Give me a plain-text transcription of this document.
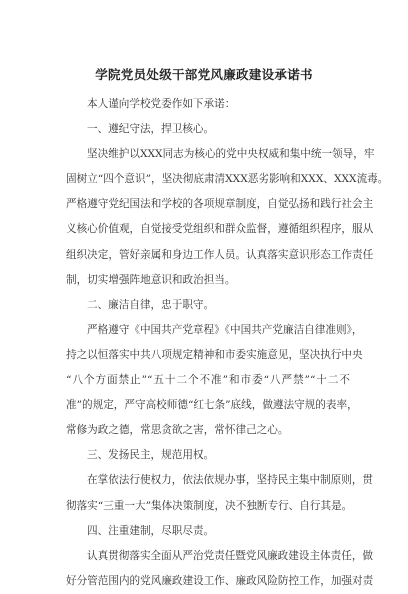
学院党员处级干部党风廉政建设承诺书
本人谨向学校党委作如下承诺：
一、遵纪守法，捍卫核心。
坚决维护以XXX同志为核心的党中央权威和集中统一领导，牢
固树立“四个意识”，坚决彻底肃清XXX恶劣影响和XXX、XXX流毒。
严格遵守党纪国法和学校的各项规章制度，自觉弘扬和践行社会主
义核心价值观，自觉接受党组织和群众监督，遵循组织程序，服从
组织决定，管好亲属和身边工作人员。认真落实意识形态工作责任
制，切实增强阵地意识和政治担当。
二、廉洁自律，忠于职守。
严格遵守《中国共产党章程》《中国共产党廉洁自律准则》，
持之以恒落实中共八项规定精神和市委实施意见，坚决执行中央
“八个方面禁止”“五十二个不准”和市委“八严禁”“十二不
准”的规定，严守高校师德“红七条”底线，做遵法守规的表率，
常修为政之德，常思贪欲之害，常怀律己之心。
三、发扬民主，规范用权。
在掌依法行使权力，依法依规办事，坚持民主集中制原则，贯
彻落实“三重一大”集体决策制度，决不独断专行、自行其是。
四、注重建制，尽职尽责。
认真贯彻落实全面从严治党责任暨党风廉政建设主体责任，做
好分管范围内的党风廉政建设工作、廉政风险防控工作，加强对责
